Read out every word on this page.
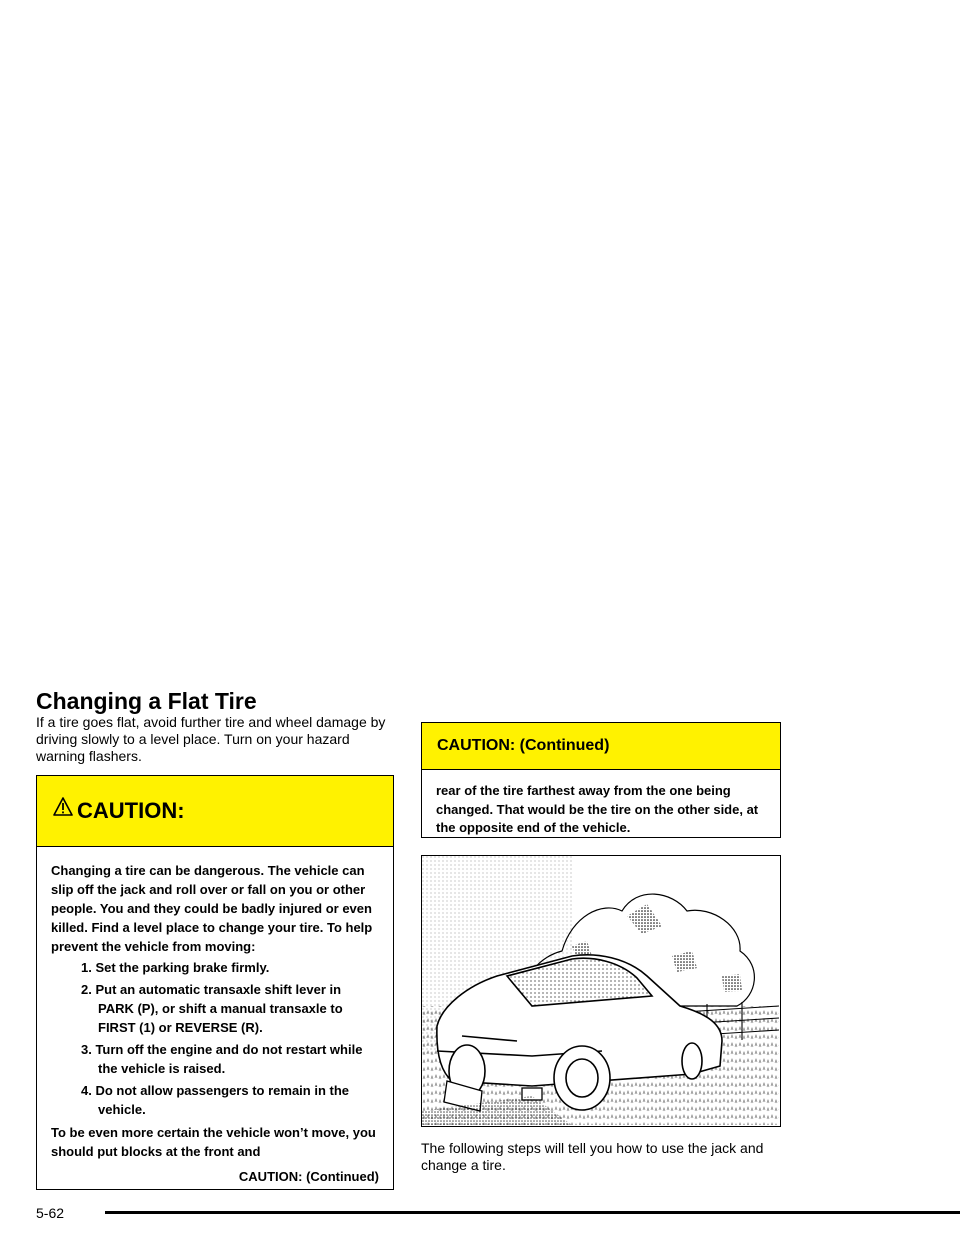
Changing a Flat Tire

If a tire goes flat, avoid further tire and wheel damage by driving slowly to a level place. Turn on your hazard warning flashers.

CAUTION:

Changing a tire can be dangerous. The vehicle can slip off the jack and roll over or fall on you or other people. You and they could be badly injured or even killed. Find a level place to change your tire. To help prevent the vehicle from moving:

1. Set the parking brake firmly.
2. Put an automatic transaxle shift lever in PARK (P), or shift a manual transaxle to FIRST (1) or REVERSE (R).
3. Turn off the engine and do not restart while the vehicle is raised.
4. Do not allow passengers to remain in the vehicle.

To be even more certain the vehicle won’t move, you should put blocks at the front and

CAUTION: (Continued)

CAUTION: (Continued)

rear of the tire farthest away from the one being changed. That would be the tire on the other side, at the opposite end of the vehicle.

The following steps will tell you how to use the jack and change a tire.

5-62
